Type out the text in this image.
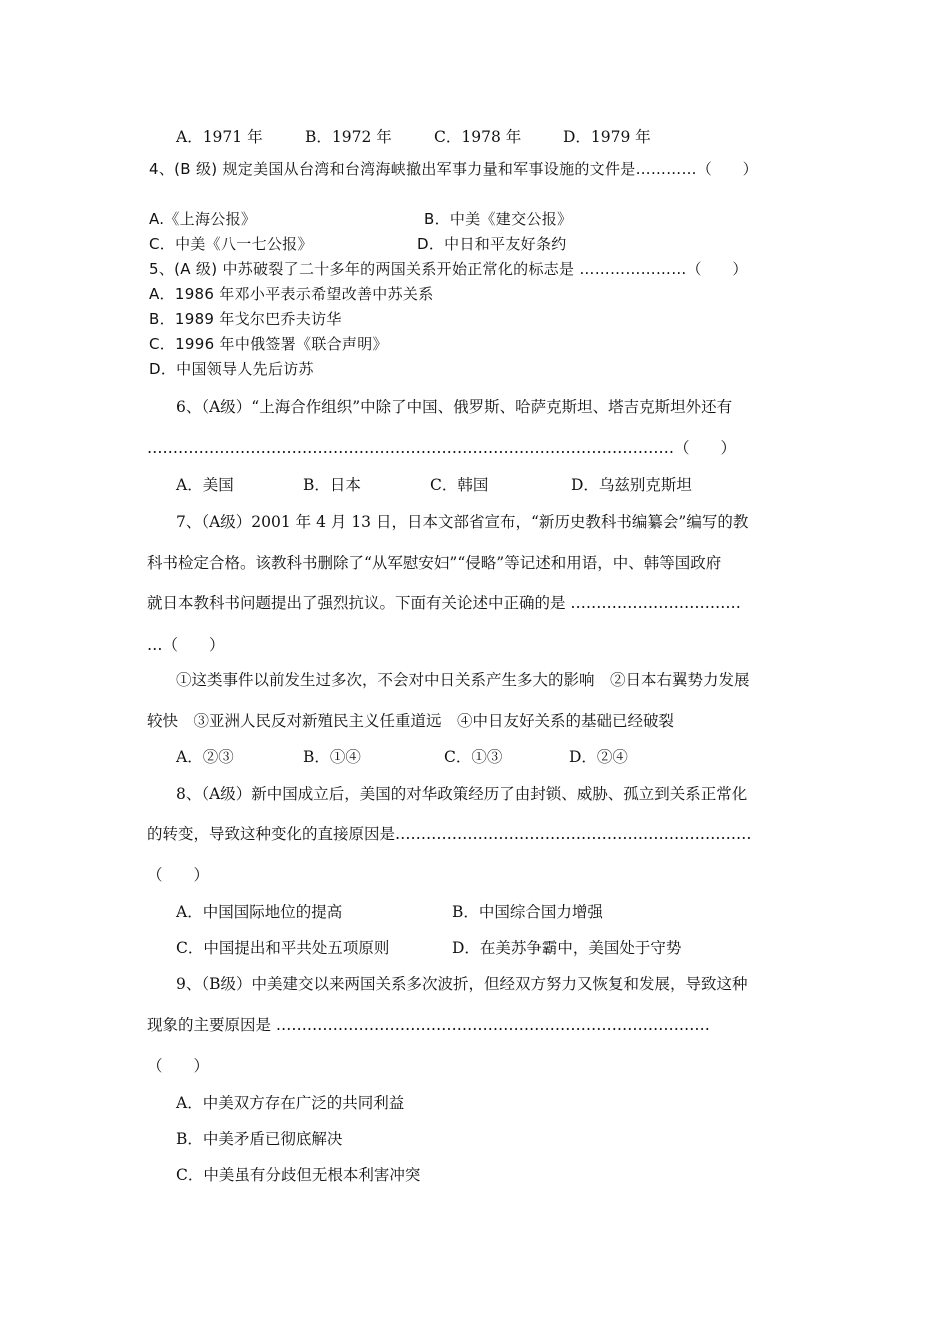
A．1971 年	B．1972 年	C．1978 年	D．1979 年
4、(B 级) 规定美国从台湾和台湾海峡撤出军事力量和军事设施的文件是…………（　　）
A.《上海公报》	B．中美《建交公报》
C．中美《八一七公报》	D．中日和平友好条约
5、(A 级) 中苏破裂了二十多年的两国关系开始正常化的标志是 …………………（　　）
A．1986 年邓小平表示希望改善中苏关系
B．1989 年戈尔巴乔夫访华
C．1996 年中俄签署《联合声明》
D．中国领导人先后访苏
6、（A级）“上海合作组织”中除了中国、俄罗斯、哈萨克斯坦、塔吉克斯坦外还有
…………………………………………………………………………………………（　　）
A．美国	B．日本	C．韩国	D．乌兹别克斯坦
7、（A级）2001 年 4 月 13 日，日本文部省宣布，“新历史教科书编纂会”编写的教
科书检定合格。该教科书删除了“从军慰安妇”“侵略”等记述和用语，中、韩等国政府
就日本教科书问题提出了强烈抗议。下面有关论述中正确的是 ……………………………
…（　　）
①这类事件以前发生过多次，不会对中日关系产生多大的影响　②日本右翼势力发展
较快　③亚洲人民反对新殖民主义任重道远　④中日友好关系的基础已经破裂
A．②③	B．①④	C．①③	D．②④
8、（A级）新中国成立后，美国的对华政策经历了由封锁、威胁、孤立到关系正常化
的转变，导致这种变化的直接原因是……………………………………………………………
（　　）
A．中国国际地位的提高	B．中国综合国力增强
C．中国提出和平共处五项原则	D．在美苏争霸中，美国处于守势
9、（B级）中美建交以来两国关系多次波折，但经双方努力又恢复和发展，导致这种
现象的主要原因是 …………………………………………………………………………
（　　）
A．中美双方存在广泛的共同利益
B．中美矛盾已彻底解决
C．中美虽有分歧但无根本利害冲突
